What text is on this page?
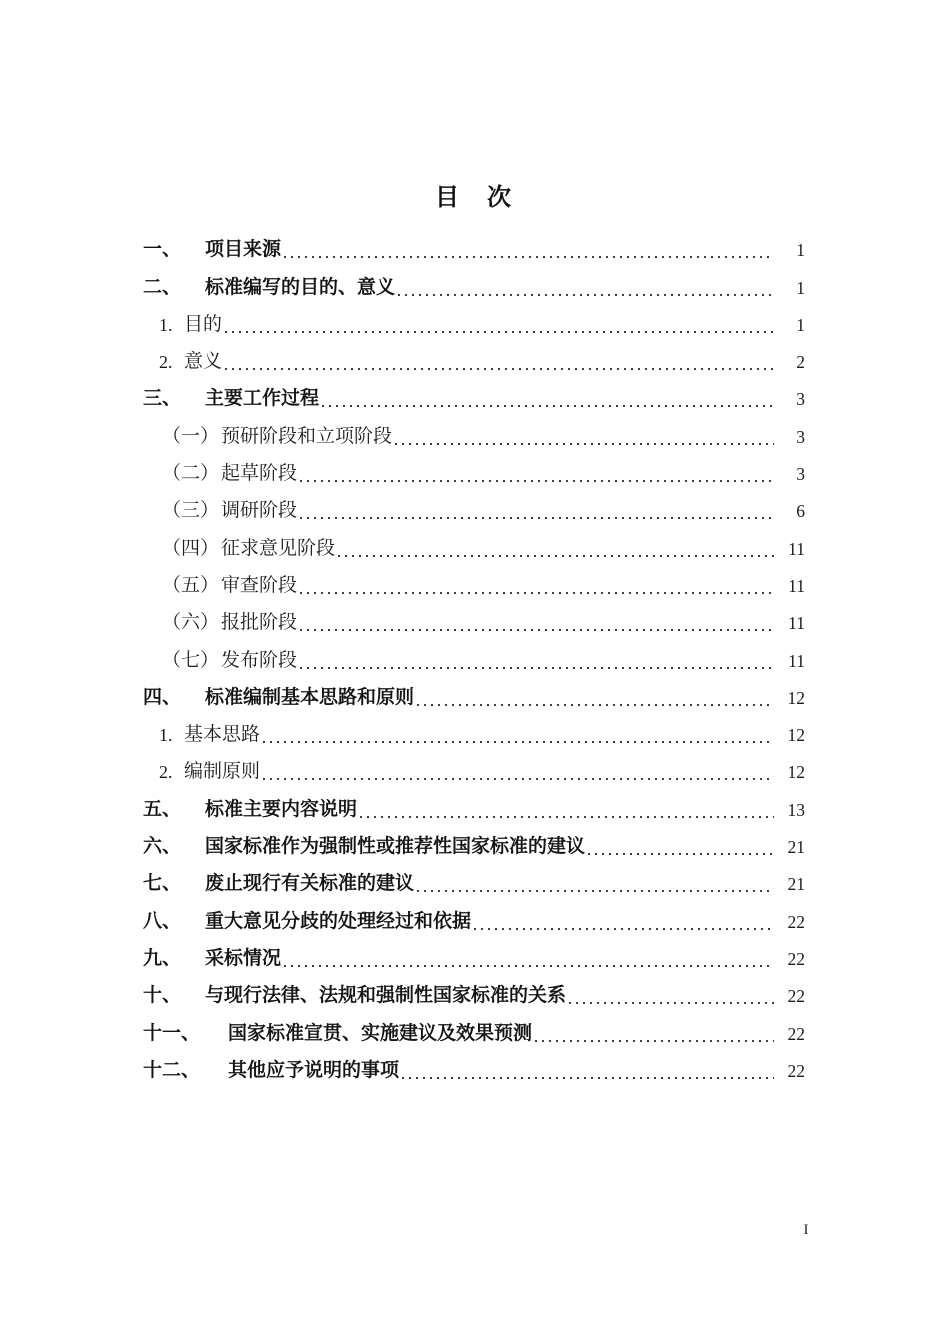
目　次
一、	项目来源	1
二、	标准编写的目的、意义	1
1. 目的	1
2. 意义	2
三、	主要工作过程	3
（一） 预研阶段和立项阶段	3
（二） 起草阶段	3
（三） 调研阶段	6
（四） 征求意见阶段	11
（五） 审查阶段	11
（六） 报批阶段	11
（七） 发布阶段	11
四、	标准编制基本思路和原则	12
1. 基本思路	12
2. 编制原则	12
五、	标准主要内容说明	13
六、	国家标准作为强制性或推荐性国家标准的建议	21
七、	废止现行有关标准的建议	21
八、	重大意见分歧的处理经过和依据	22
九、	采标情况	22
十、	与现行法律、法规和强制性国家标准的关系	22
十一、	国家标准宣贯、实施建议及效果预测	22
十二、	其他应予说明的事项	22
I
